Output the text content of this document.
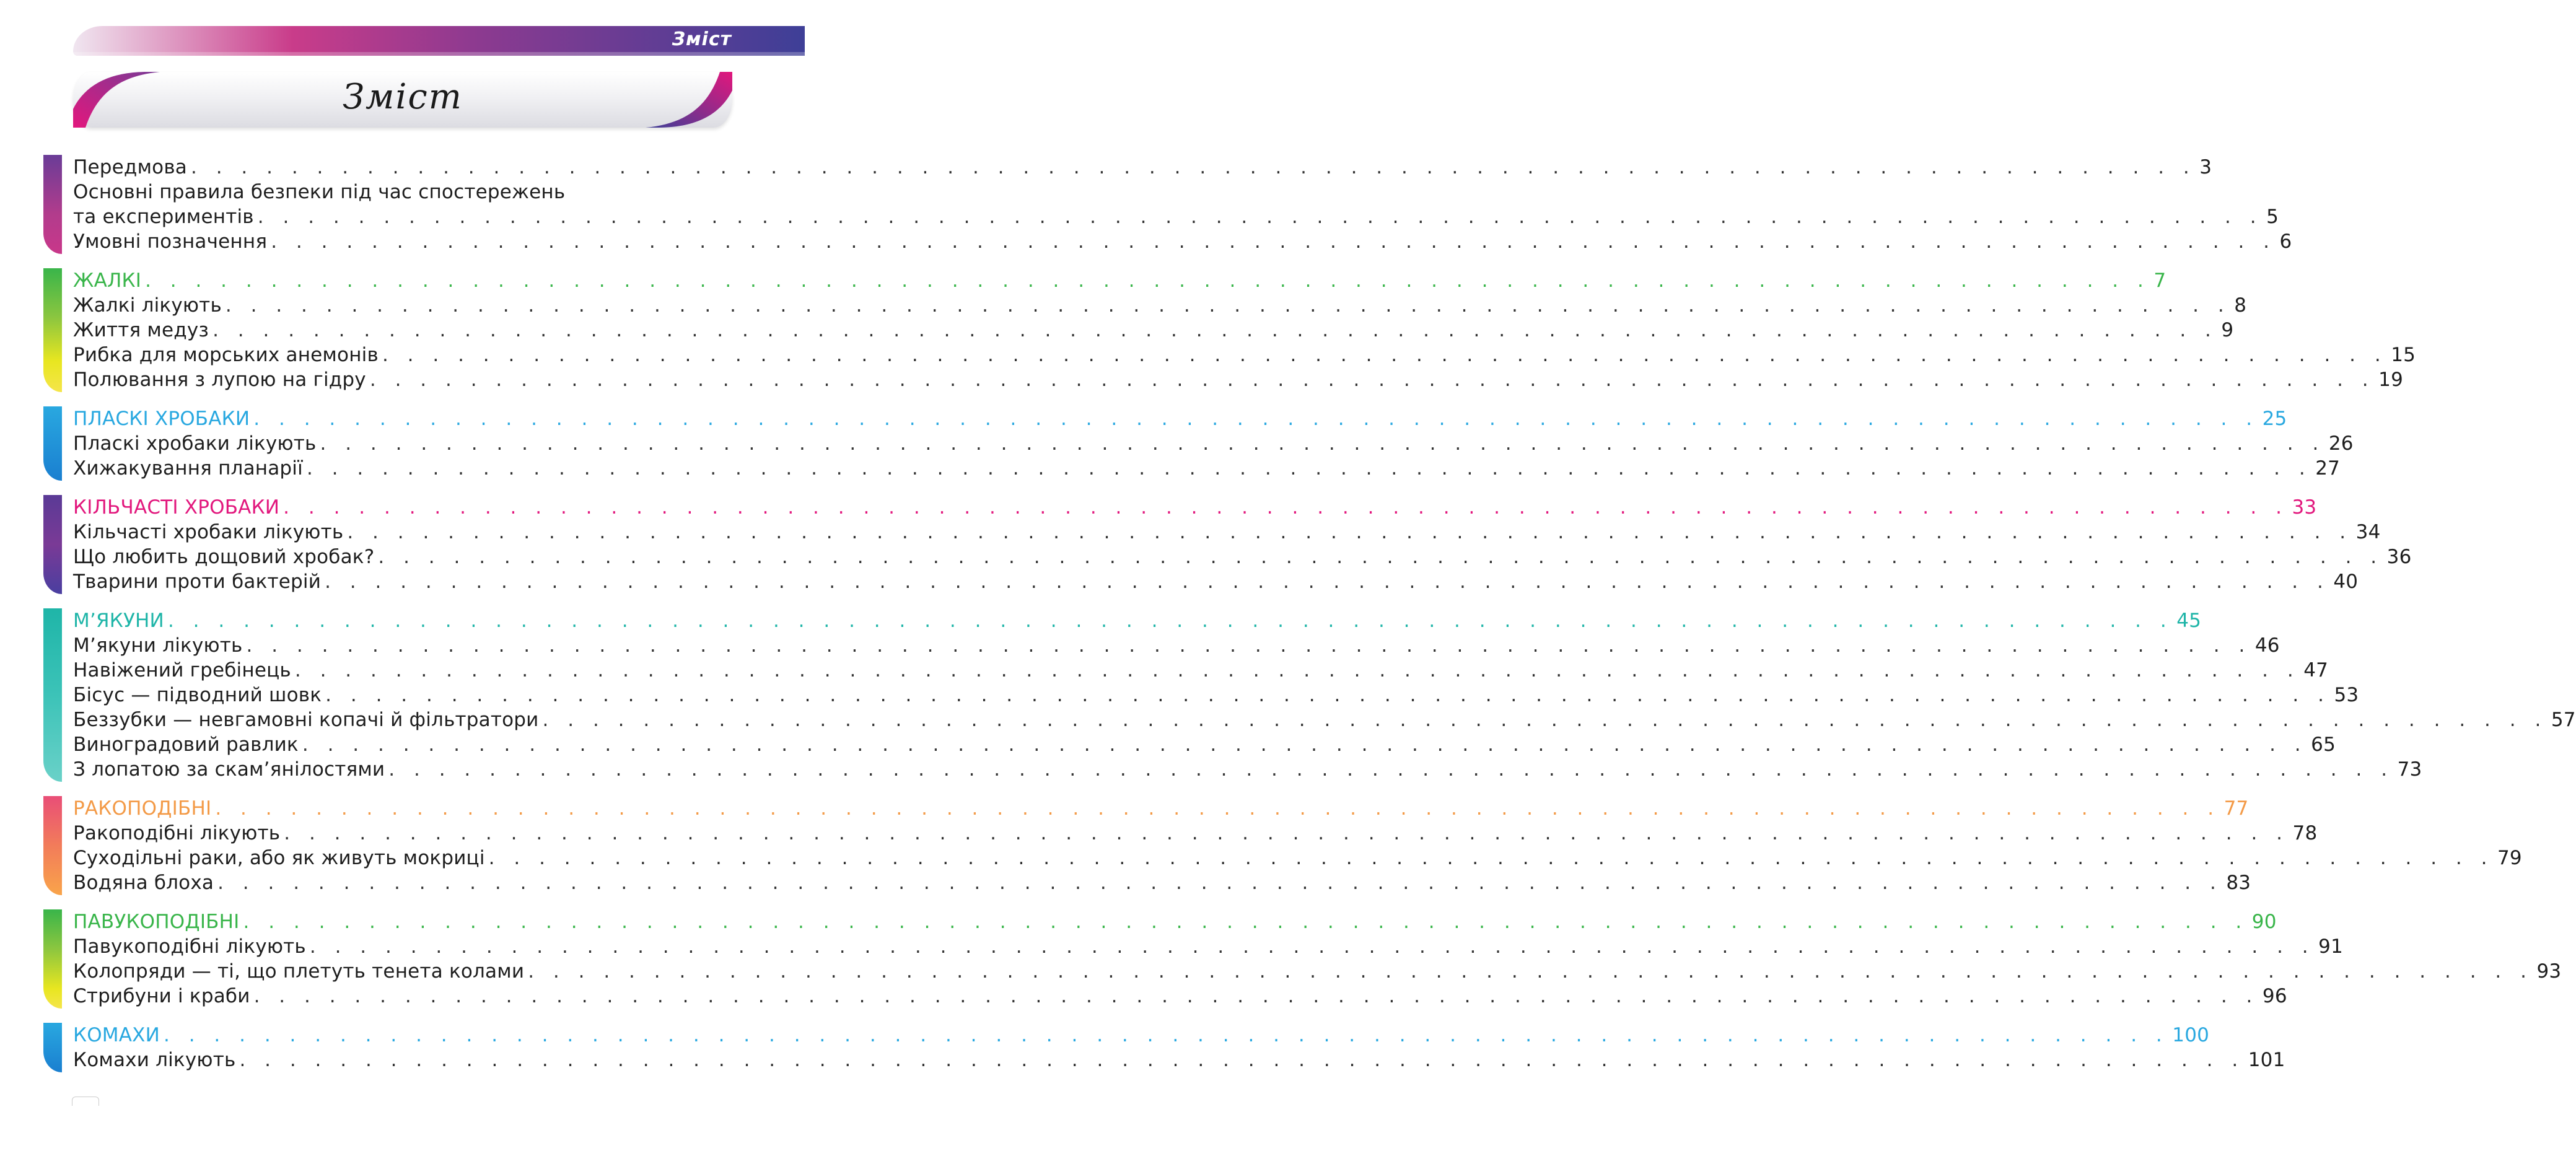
Зміст
Зміст
Передмова . . . . . . . . . . . . . . . . . . . . . . . . . . . . . . . . . . . . . . . . . . . . . . . . . . . . . . . . . . . . . . . . . . . . . . . . . . . . . . . . 3
Основні правила безпеки під час спостережень
та експериментів . . . . . . . . . . . . . . . . . . . . . . . . . . . . . . . . . . . . . . . . . . . . . . . . . . . . . . . . . . . . . . . . . . . . . . . . . . . . . . . . 5
Умовні позначення . . . . . . . . . . . . . . . . . . . . . . . . . . . . . . . . . . . . . . . . . . . . . . . . . . . . . . . . . . . . . . . . . . . . . . . . . . . . . . . . 6
ЖАЛКІ . . . . . . . . . . . . . . . . . . . . . . . . . . . . . . . . . . . . . . . . . . . . . . . . . . . . . . . . . . . . . . . . . . . . . . . . . . . . . . . . 7
Жалкі лікують . . . . . . . . . . . . . . . . . . . . . . . . . . . . . . . . . . . . . . . . . . . . . . . . . . . . . . . . . . . . . . . . . . . . . . . . . . . . . . . . 8
Життя медуз . . . . . . . . . . . . . . . . . . . . . . . . . . . . . . . . . . . . . . . . . . . . . . . . . . . . . . . . . . . . . . . . . . . . . . . . . . . . . . . . 9
Рибка для морських анемонів . . . . . . . . . . . . . . . . . . . . . . . . . . . . . . . . . . . . . . . . . . . . . . . . . . . . . . . . . . . . . . . . . . . . . . . . . . . . . . . . 15
Полювання з лупою на гідру . . . . . . . . . . . . . . . . . . . . . . . . . . . . . . . . . . . . . . . . . . . . . . . . . . . . . . . . . . . . . . . . . . . . . . . . . . . . . . . . 19
ПЛАСКІ ХРОБАКИ . . . . . . . . . . . . . . . . . . . . . . . . . . . . . . . . . . . . . . . . . . . . . . . . . . . . . . . . . . . . . . . . . . . . . . . . . . . . . . . . 25
Пласкі хробаки лікують . . . . . . . . . . . . . . . . . . . . . . . . . . . . . . . . . . . . . . . . . . . . . . . . . . . . . . . . . . . . . . . . . . . . . . . . . . . . . . . . 26
Хижакування планарії . . . . . . . . . . . . . . . . . . . . . . . . . . . . . . . . . . . . . . . . . . . . . . . . . . . . . . . . . . . . . . . . . . . . . . . . . . . . . . . . 27
КІЛЬЧАСТІ ХРОБАКИ . . . . . . . . . . . . . . . . . . . . . . . . . . . . . . . . . . . . . . . . . . . . . . . . . . . . . . . . . . . . . . . . . . . . . . . . . . . . . . . . 33
Кільчасті хробаки лікують . . . . . . . . . . . . . . . . . . . . . . . . . . . . . . . . . . . . . . . . . . . . . . . . . . . . . . . . . . . . . . . . . . . . . . . . . . . . . . . . 34
Що любить дощовий хробак? . . . . . . . . . . . . . . . . . . . . . . . . . . . . . . . . . . . . . . . . . . . . . . . . . . . . . . . . . . . . . . . . . . . . . . . . . . . . . . . . 36
Тварини проти бактерій . . . . . . . . . . . . . . . . . . . . . . . . . . . . . . . . . . . . . . . . . . . . . . . . . . . . . . . . . . . . . . . . . . . . . . . . . . . . . . . . 40
М’ЯКУНИ . . . . . . . . . . . . . . . . . . . . . . . . . . . . . . . . . . . . . . . . . . . . . . . . . . . . . . . . . . . . . . . . . . . . . . . . . . . . . . . . 45
М’якуни лікують . . . . . . . . . . . . . . . . . . . . . . . . . . . . . . . . . . . . . . . . . . . . . . . . . . . . . . . . . . . . . . . . . . . . . . . . . . . . . . . . 46
Навіжений гребінець . . . . . . . . . . . . . . . . . . . . . . . . . . . . . . . . . . . . . . . . . . . . . . . . . . . . . . . . . . . . . . . . . . . . . . . . . . . . . . . . 47
Бісус — підводний шовк . . . . . . . . . . . . . . . . . . . . . . . . . . . . . . . . . . . . . . . . . . . . . . . . . . . . . . . . . . . . . . . . . . . . . . . . . . . . . . . . 53
Беззубки — невгамовні копачі й фільтратори . . . . . . . . . . . . . . . . . . . . . . . . . . . . . . . . . . . . . . . . . . . . . . . . . . . . . . . . . . . . . . . . . . . . . . . . . . . . . . . . 57
Виноградовий равлик . . . . . . . . . . . . . . . . . . . . . . . . . . . . . . . . . . . . . . . . . . . . . . . . . . . . . . . . . . . . . . . . . . . . . . . . . . . . . . . . 65
З лопатою за скам’янілостями . . . . . . . . . . . . . . . . . . . . . . . . . . . . . . . . . . . . . . . . . . . . . . . . . . . . . . . . . . . . . . . . . . . . . . . . . . . . . . . . 73
РАКОПОДІБНІ . . . . . . . . . . . . . . . . . . . . . . . . . . . . . . . . . . . . . . . . . . . . . . . . . . . . . . . . . . . . . . . . . . . . . . . . . . . . . . . . 77
Ракоподібні лікують . . . . . . . . . . . . . . . . . . . . . . . . . . . . . . . . . . . . . . . . . . . . . . . . . . . . . . . . . . . . . . . . . . . . . . . . . . . . . . . . 78
Суходільні раки, або як живуть мокриці . . . . . . . . . . . . . . . . . . . . . . . . . . . . . . . . . . . . . . . . . . . . . . . . . . . . . . . . . . . . . . . . . . . . . . . . . . . . . . . . 79
Водяна блоха . . . . . . . . . . . . . . . . . . . . . . . . . . . . . . . . . . . . . . . . . . . . . . . . . . . . . . . . . . . . . . . . . . . . . . . . . . . . . . . . 83
ПАВУКОПОДІБНІ . . . . . . . . . . . . . . . . . . . . . . . . . . . . . . . . . . . . . . . . . . . . . . . . . . . . . . . . . . . . . . . . . . . . . . . . . . . . . . . . 90
Павукоподібні лікують . . . . . . . . . . . . . . . . . . . . . . . . . . . . . . . . . . . . . . . . . . . . . . . . . . . . . . . . . . . . . . . . . . . . . . . . . . . . . . . . 91
Колопряди — ті, що плетуть тенета колами . . . . . . . . . . . . . . . . . . . . . . . . . . . . . . . . . . . . . . . . . . . . . . . . . . . . . . . . . . . . . . . . . . . . . . . . . . . . . . . . 93
Стрибуни і краби . . . . . . . . . . . . . . . . . . . . . . . . . . . . . . . . . . . . . . . . . . . . . . . . . . . . . . . . . . . . . . . . . . . . . . . . . . . . . . . . 96
КОМАХИ . . . . . . . . . . . . . . . . . . . . . . . . . . . . . . . . . . . . . . . . . . . . . . . . . . . . . . . . . . . . . . . . . . . . . . . . . . . . . . . . 100
Комахи лікують . . . . . . . . . . . . . . . . . . . . . . . . . . . . . . . . . . . . . . . . . . . . . . . . . . . . . . . . . . . . . . . . . . . . . . . . . . . . . . . . 101
